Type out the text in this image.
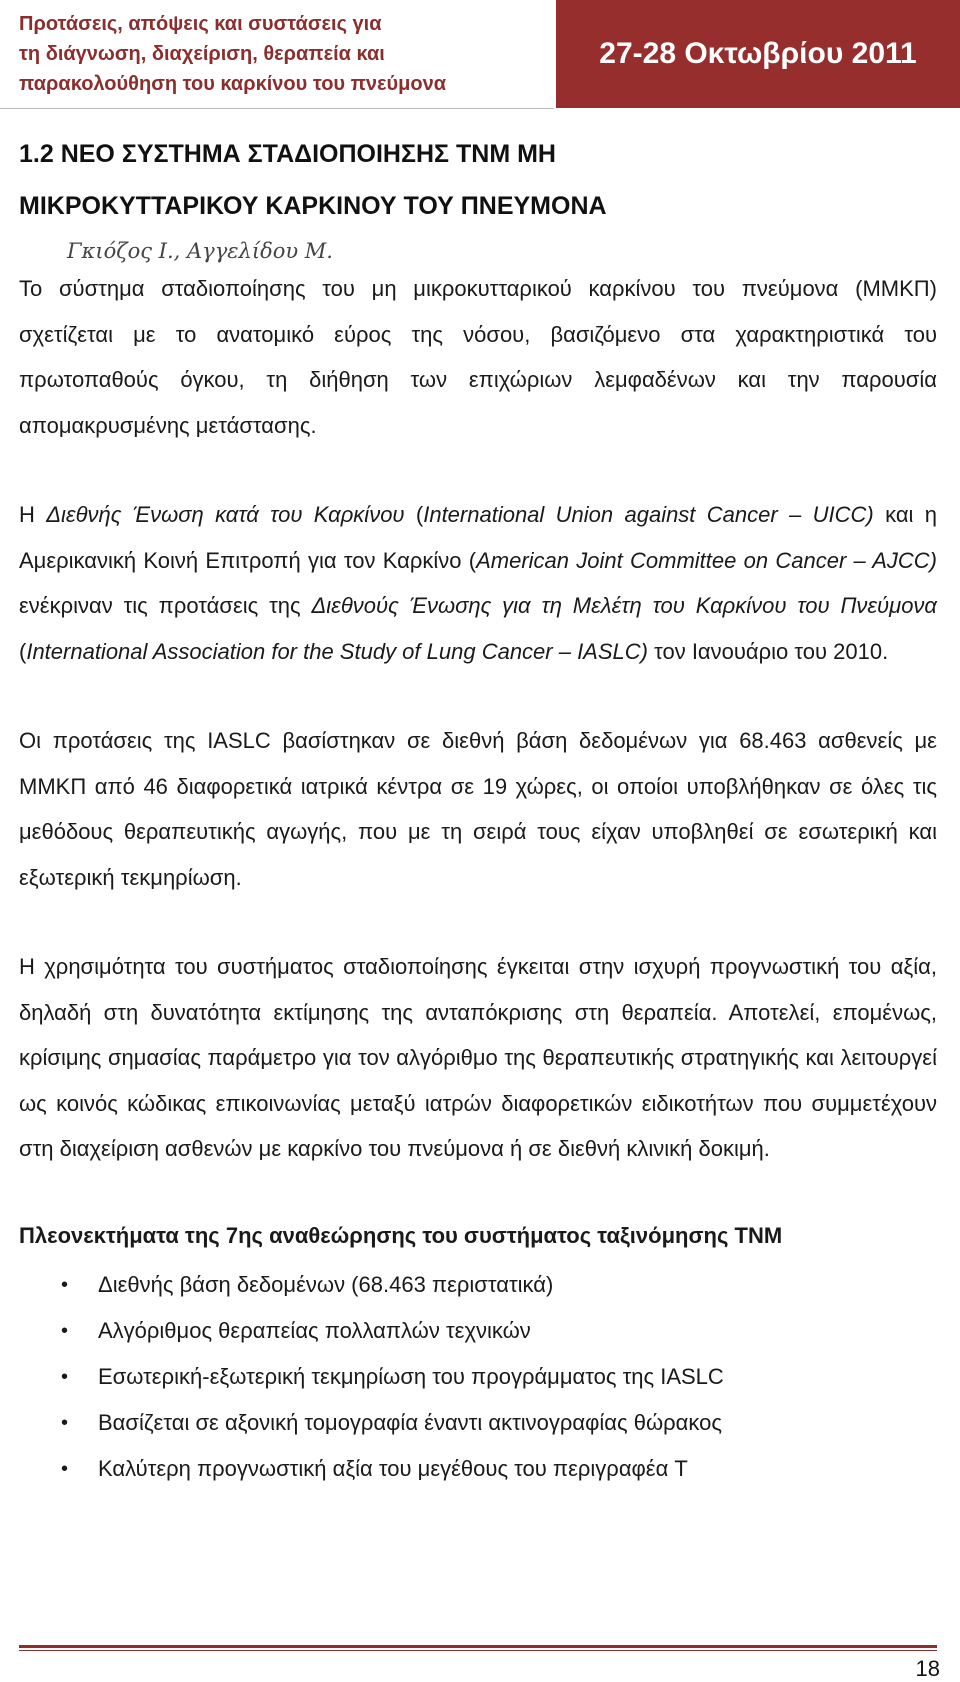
Προτάσεις, απόψεις και συστάσεις για
τη διάγνωση, διαχείριση, θεραπεία και
παρακολούθηση του καρκίνου του πνεύμονα
27-28 Οκτωβρίου 2011
1.2 ΝΕΟ ΣΥΣΤΗΜΑ ΣΤΑΔΙΟΠΟΙΗΣΗΣ TNM ΜΗ
ΜΙΚΡΟΚΥΤΤΑΡΙΚΟΥ ΚΑΡΚΙΝΟΥ ΤΟΥ ΠΝΕΥΜΟΝΑ
Γκιόζος Ι., Αγγελίδου Μ.

Το σύστημα σταδιοποίησης του μη μικροκυτταρικού καρκίνου του πνεύμονα (ΜΜΚΠ) σχετίζεται με το ανατομικό εύρος της νόσου, βασιζόμενο στα χαρακτηριστικά του πρωτοπαθούς όγκου, τη διήθηση των επιχώριων λεμφαδένων και την παρουσία απομακρυσμένης μετάστασης.

Η Διεθνής Ένωση κατά του Καρκίνου (International Union against Cancer – UICC) και η Αμερικανική Κοινή Επιτροπή για τον Καρκίνο (American Joint Committee on Cancer – AJCC) ενέκριναν τις προτάσεις της Διεθνούς Ένωσης για τη Μελέτη του Καρκίνου του Πνεύμονα (International Association for the Study of Lung Cancer – IASLC) τον Ιανουάριο του 2010.

Οι προτάσεις της IASLC βασίστηκαν σε διεθνή βάση δεδομένων για 68.463 ασθενείς με ΜΜΚΠ από 46 διαφορετικά ιατρικά κέντρα σε 19 χώρες, οι οποίοι υποβλήθηκαν σε όλες τις μεθόδους θεραπευτικής αγωγής, που με τη σειρά τους είχαν υποβληθεί σε εσωτερική και εξωτερική τεκμηρίωση.

Η χρησιμότητα του συστήματος σταδιοποίησης έγκειται στην ισχυρή προγνωστική του αξία, δηλαδή στη δυνατότητα εκτίμησης της ανταπόκρισης στη θεραπεία. Αποτελεί, επομένως, κρίσιμης σημασίας παράμετρο για τον αλγόριθμο της θεραπευτικής στρατηγικής και λειτουργεί ως κοινός κώδικας επικοινωνίας μεταξύ ιατρών διαφορετικών ειδικοτήτων που συμμετέχουν στη διαχείριση ασθενών με καρκίνο του πνεύμονα ή σε διεθνή κλινική δοκιμή.

Πλεονεκτήματα της 7ης αναθεώρησης του συστήματος ταξινόμησης TNM
• Διεθνής βάση δεδομένων (68.463 περιστατικά)
• Αλγόριθμος θεραπείας πολλαπλών τεχνικών
• Εσωτερική-εξωτερική τεκμηρίωση του προγράμματος της IASLC
• Βασίζεται σε αξονική τομογραφία έναντι ακτινογραφίας θώρακος
• Καλύτερη προγνωστική αξία του μεγέθους του περιγραφέα T
18
